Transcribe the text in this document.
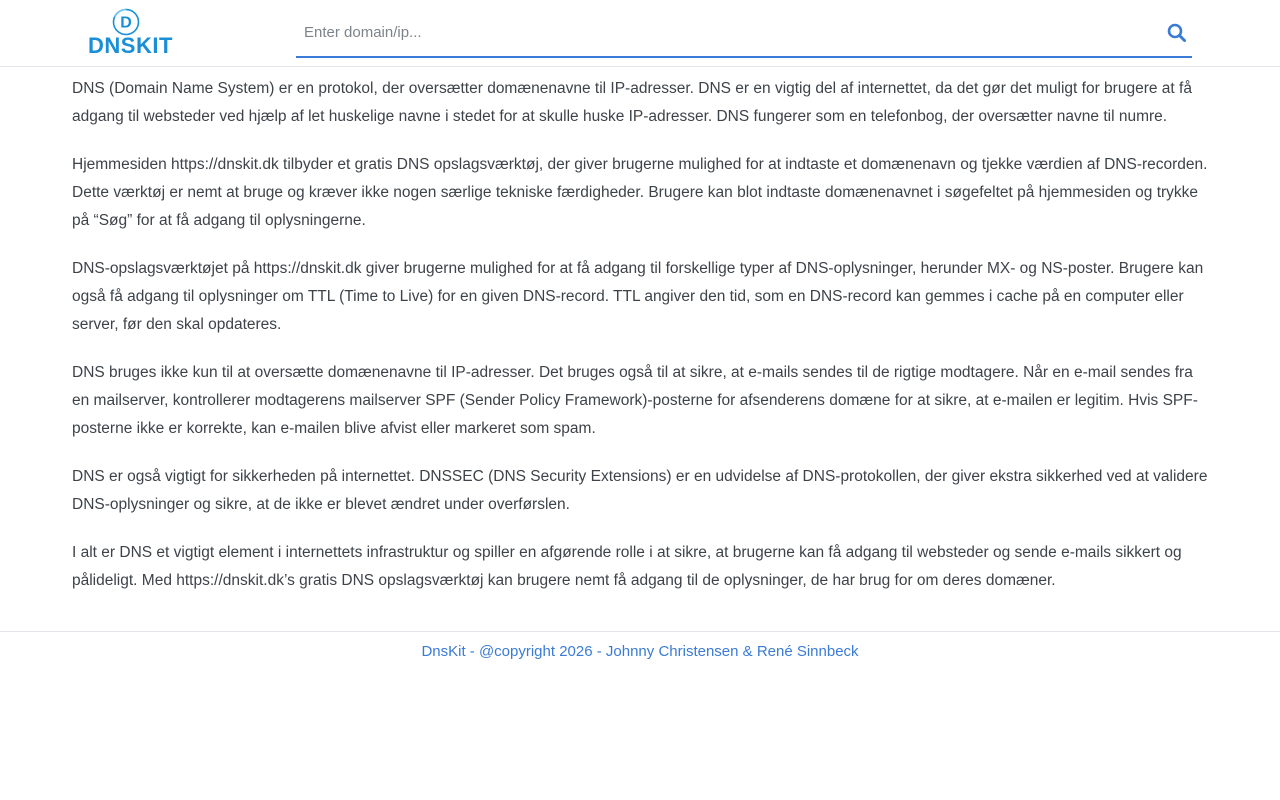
D
DNSKIT
Enter domain/ip...

DNS (Domain Name System) er en protokol, der oversætter domænenavne til IP-adresser. DNS er en vigtig del af internettet, da det gør det muligt for brugere at få adgang til websteder ved hjælp af let huskelige navne i stedet for at skulle huske IP-adresser. DNS fungerer som en telefonbog, der oversætter navne til numre.

Hjemmesiden https://dnskit.dk tilbyder et gratis DNS opslagsværktøj, der giver brugerne mulighed for at indtaste et domænenavn og tjekke værdien af DNS-recorden. Dette værktøj er nemt at bruge og kræver ikke nogen særlige tekniske færdigheder. Brugere kan blot indtaste domænenavnet i søgefeltet på hjemmesiden og trykke på “Søg” for at få adgang til oplysningerne.

DNS-opslagsværktøjet på https://dnskit.dk giver brugerne mulighed for at få adgang til forskellige typer af DNS-oplysninger, herunder MX- og NS-poster. Brugere kan også få adgang til oplysninger om TTL (Time to Live) for en given DNS-record. TTL angiver den tid, som en DNS-record kan gemmes i cache på en computer eller server, før den skal opdateres.

DNS bruges ikke kun til at oversætte domænenavne til IP-adresser. Det bruges også til at sikre, at e-mails sendes til de rigtige modtagere. Når en e-mail sendes fra en mailserver, kontrollerer modtagerens mailserver SPF (Sender Policy Framework)-posterne for afsenderens domæne for at sikre, at e-mailen er legitim. Hvis SPF-posterne ikke er korrekte, kan e-mailen blive afvist eller markeret som spam.

DNS er også vigtigt for sikkerheden på internettet. DNSSEC (DNS Security Extensions) er en udvidelse af DNS-protokollen, der giver ekstra sikkerhed ved at validere DNS-oplysninger og sikre, at de ikke er blevet ændret under overførslen.

I alt er DNS et vigtigt element i internettets infrastruktur og spiller en afgørende rolle i at sikre, at brugerne kan få adgang til websteder og sende e-mails sikkert og pålideligt. Med https://dnskit.dk’s gratis DNS opslagsværktøj kan brugere nemt få adgang til de oplysninger, de har brug for om deres domæner.

DnsKit - @copyright 2026 - Johnny Christensen & René Sinnbeck
